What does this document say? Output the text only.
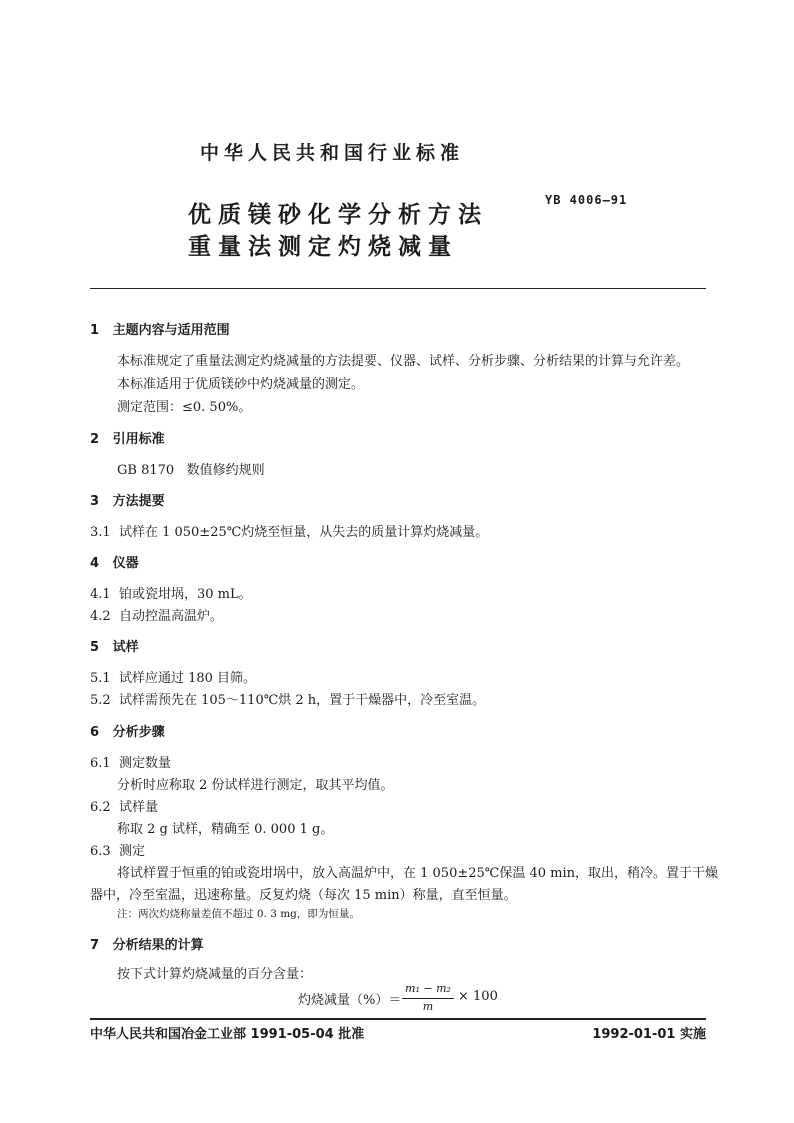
中华人民共和国行业标准
优质镁砂化学分析方法
重量法测定灼烧减量
YB 4006—91
1 主题内容与适用范围
本标准规定了重量法测定灼烧减量的方法提要、仪器、试样、分析步骤、分析结果的计算与允许差。
本标准适用于优质镁砂中灼烧减量的测定。
测定范围：≤0. 50%。
2 引用标准
GB 8170 数值修约规则
3 方法提要
3.1 试样在 1 050±25℃灼烧至恒量，从失去的质量计算灼烧减量。
4 仪器
4.1 铂或瓷坩埚，30 mL。
4.2 自动控温高温炉。
5 试样
5.1 试样应通过 180 目筛。
5.2 试样需预先在 105～110℃烘 2 h，置于干燥器中，冷至室温。
6 分析步骤
6.1 测定数量
分析时应称取 2 份试样进行测定，取其平均值。
6.2 试样量
称取 2 g 试样，精确至 0. 000 1 g。
6.3 测定
将试样置于恒重的铂或瓷坩埚中，放入高温炉中，在 1 050±25℃保温 40 min，取出，稍冷。置于干燥
器中，冷至室温，迅速称量。反复灼烧（每次 15 min）称量，直至恒量。
注：两次灼烧称量差值不超过 0. 3 mg，即为恒量。
7 分析结果的计算
按下式计算灼烧减量的百分含量：
灼烧减量（%）＝
m₁ − m₂
m
× 100
中华人民共和国冶金工业部 1991-05-04 批准	1992-01-01 实施
